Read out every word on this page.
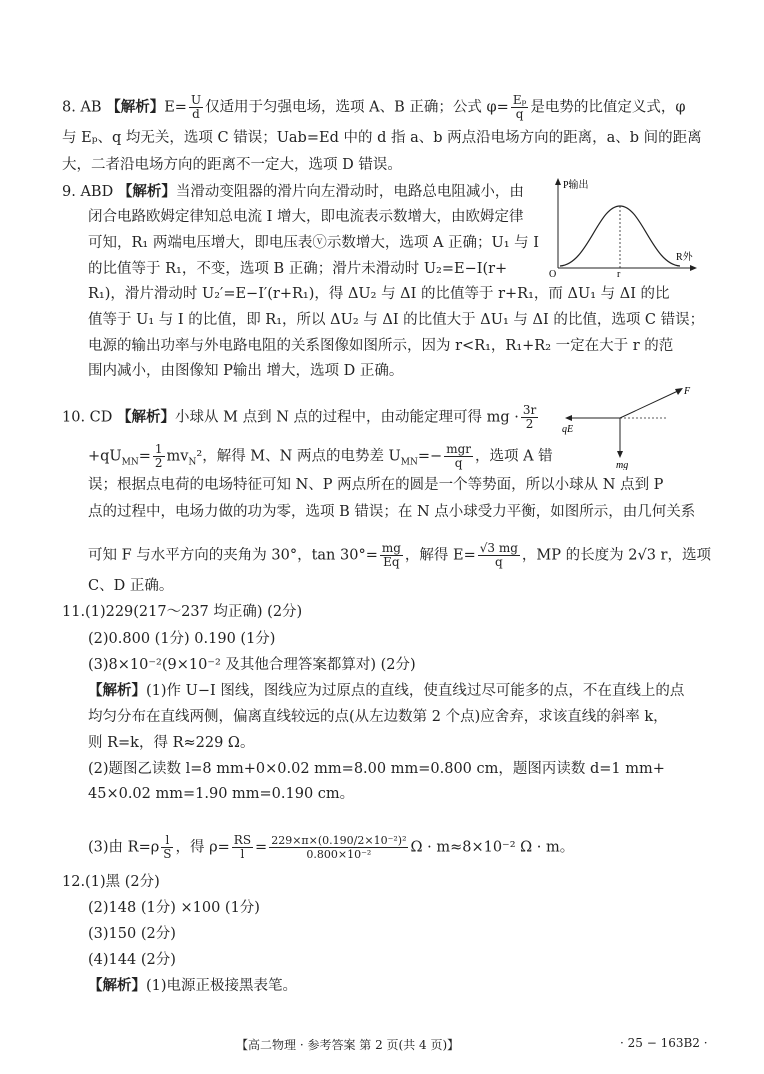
8. AB 【解析】$E= \frac{U}{d}$ 仅适用于匀强电场，选项 A、B 正确；公式 $\varphi= \frac{\text{Eₚ}}{q}$ 是电势的比值定义式，φ
与 Eₚ、q 均无关，选项 C 错误；Uab=Ed 中的 d 指 a、b 两点沿电场方向的距离，a、b 间的距离
大，二者沿电场方向的距离不一定大，选项 D 错误。
9. ABD 【解析】当滑动变阻器的滑片向左滑动时，电路总电阻减小，由
闭合电路欧姆定律知总电流 I 增大，即电流表示数增大，由欧姆定律
可知，R₁ 两端电压增大，即电压表ⓥ示数增大，选项 A 正确；U₁ 与 I
的比值等于 R₁，不变，选项 B 正确；滑片未滑动时 U₂=E−I(r+
R₁)，滑片滑动时 U₂′=E−I′(r+R₁)，得 ΔU₂ 与 ΔI 的比值等于 r+R₁，而 ΔU₁ 与 ΔI 的比
值等于 U₁ 与 I 的比值，即 R₁，所以 ΔU₂ 与 ΔI 的比值大于 ΔU₁ 与 ΔI 的比值，选项 C 错误；
电源的输出功率与外电路电阻的关系图像如图所示，因为 r<R₁，R₁+R₂ 一定在大于 r 的范
围内减小，由图像知 P输出 增大，选项 D 正确。
P输出
R外
O	r
10. CD 【解析】小球从 M 点到 N 点的过程中，由动能定理可得 mg · $\frac{3r}{2}$
$+qU_{MN}= \frac{1}{2} mv_N^2$，解得 M、N 两点的电势差 $U_{MN}=- \frac{\text{mgr}}{q}$ ，选项 A 错
误；根据点电荷的电场特征可知 N、P 两点所在的圆是一个等势面，所以小球从 N 点到 P
点的过程中，电场力做的功为零，选项 B 错误；在 N 点小球受力平衡，如图所示，由几何关系
可知 F 与水平方向的夹角为 30°，$\tan 30^\circ= \frac{mg}{Eq}$ ，解得 $E= \frac{√3 mg}{q}$ ，MP 的长度为 2√3 r，选项
C、D 正确。
F
qE
mg
11.(1)229(217～237 均正确) (2分)
(2)0.800 (1分) 0.190 (1分)
(3)8×10⁻²(9×10⁻² 及其他合理答案都算对) (2分)
【解析】(1)作 U−I 图线，图线应为过原点的直线，使直线过尽可能多的点，不在直线上的点
均匀分布在直线两侧，偏离直线较远的点(从左边数第 2 个点)应舍弃，求该直线的斜率 k，
则 R=k，得 R≈229 Ω。
(2)题图乙读数 l=8 mm+0×0.02 mm=8.00 mm=0.800 cm，题图丙读数 d=1 mm+
45×0.02 mm=1.90 mm=0.190 cm。
(3)由 $R=\rho \frac{l}{S}$ ，得 $\rho= \frac{RS}{l} = \frac{\text{229×π×(0.190/2×10⁻²)²}}{\text{0.800×10⁻²}}$ Ω · m≈8×10⁻² Ω · m。
12.(1)黑 (2分)
(2)148 (1分) ×100 (1分)
(3)150 (2分)
(4)144 (2分)
【解析】(1)电源正极接黑表笔。
【高二物理 · 参考答案 第 2 页(共 4 页)】	· 25 − 163B2 ·
